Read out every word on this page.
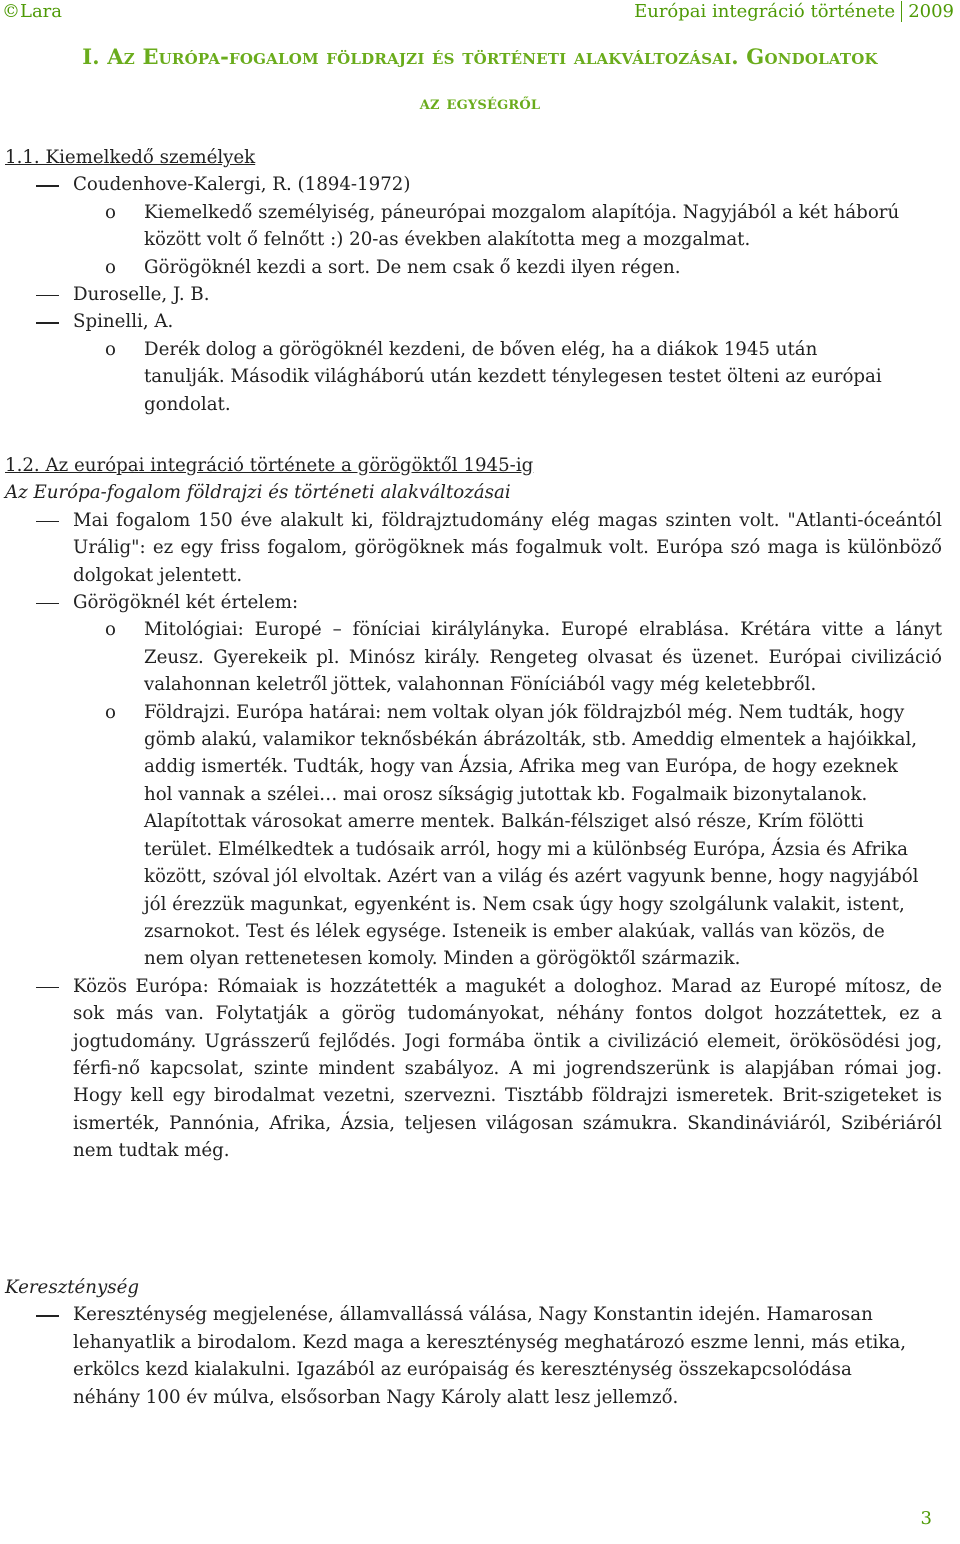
©Lara	Európai integráció története 2009
I. Az Európa-fogalom földrajzi és történeti alakváltozásai. Gondolatok
az egységről

1.1. Kiemelkedő személyek

Coudenhove-Kalergi, R. (1894-1972)

o Kiemelkedő személyiség, páneurópai mozgalom alapítója. Nagyjából a két háború között volt ő felnőtt :) 20-as években alakította meg a mozgalmat.
o Görögöknél kezdi a sort. De nem csak ő kezdi ilyen régen.

Duroselle, J. B.

Spinelli, A.

o Derék dolog a görögöknél kezdeni, de bőven elég, ha a diákok 1945 után tanulják. Második világháború után kezdett ténylegesen testet ölteni az európai gondolat.

1.2. Az európai integráció története a görögöktől 1945-ig

Az Európa-fogalom földrajzi és történeti alakváltozásai

Mai fogalom 150 éve alakult ki, földrajztudomány elég magas szinten volt. "Atlanti-óceántól Urálig": ez egy friss fogalom, görögöknek más fogalmuk volt. Európa szó maga is különböző dolgokat jelentett.

Görögöknél két értelem:

o Mitológiai: Europé – föníciai királylányka. Europé elrablása. Krétára vitte a lányt Zeusz. Gyerekeik pl. Minósz király. Rengeteg olvasat és üzenet. Európai civilizáció valahonnan keletről jöttek, valahonnan Föníciából vagy még keletebbről.
o Földrajzi. Európa határai: nem voltak olyan jók földrajzból még. Nem tudták, hogy gömb alakú, valamikor teknősbékán ábrázolták, stb. Ameddig elmentek a hajóikkal, addig ismerték. Tudták, hogy van Ázsia, Afrika meg van Európa, de hogy ezeknek hol vannak a szélei… mai orosz síkságig jutottak kb. Fogalmaik bizonytalanok. Alapítottak városokat amerre mentek. Balkán-félsziget alsó része, Krím fölötti terület. Elmélkedtek a tudósaik arról, hogy mi a különbség Európa, Ázsia és Afrika között, szóval jól elvoltak. Azért van a világ és azért vagyunk benne, hogy nagyjából jól érezzük magunkat, egyenként is. Nem csak úgy hogy szolgálunk valakit, istent, zsarnokot. Test és lélek egysége. Isteneik is ember alakúak, vallás van közös, de nem olyan rettenetesen komoly. Minden a görögöktől származik.

Közös Európa: Rómaiak is hozzátették a magukét a dologhoz. Marad az Europé mítosz, de sok más van. Folytatják a görög tudományokat, néhány fontos dolgot hozzátettek, ez a jogtudomány. Ugrásszerű fejlődés. Jogi formába öntik a civilizáció elemeit, örökösödési jog, férfi-nő kapcsolat, szinte mindent szabályoz. A mi jogrendszerünk is alapjában római jog. Hogy kell egy birodalmat vezetni, szervezni. Tisztább földrajzi ismeretek. Brit-szigeteket is ismerték, Pannónia, Afrika, Ázsia, teljesen világosan számukra. Skandináviáról, Szibériáról nem tudtak még.

Kereszténység

Kereszténység megjelenése, államvallássá válása, Nagy Konstantin idején. Hamarosan lehanyatlik a birodalom. Kezd maga a kereszténység meghatározó eszme lenni, más etika, erkölcs kezd kialakulni. Igazából az európaiság és kereszténység összekapcsolódása néhány 100 év múlva, elsősorban Nagy Károly alatt lesz jellemző.

3
